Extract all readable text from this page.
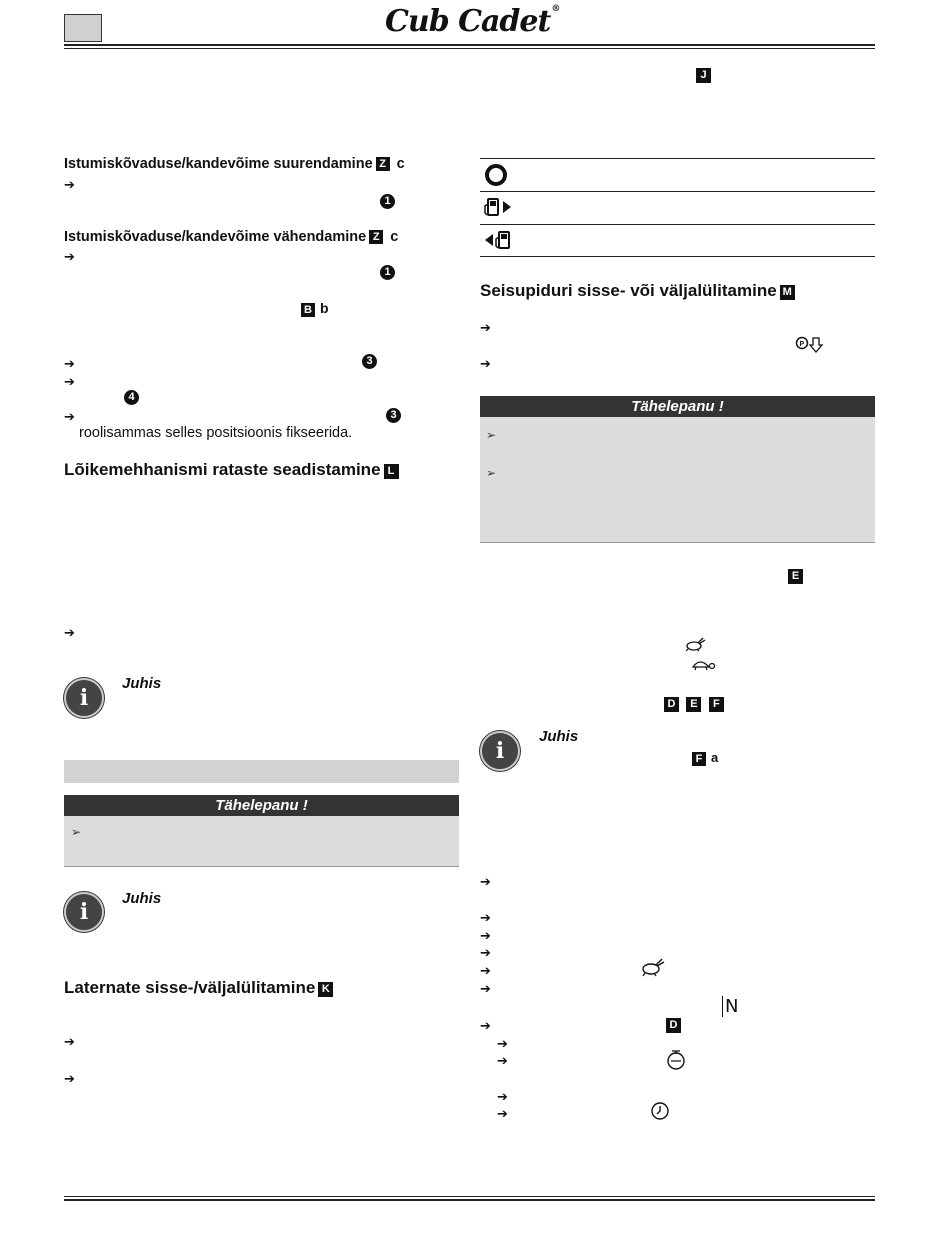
Cub Cadet®
Istumiskõvaduse/kandevõime suurendamine Z c
➔
1
Istumiskõvaduse/kandevõime vähendamine Z c
➔
1
B b
➔	3
➔
4
➔	3
roolisammas selles positsioonis fikseerida.
Lõikemehhanismi rataste seadistamine L
➔
i
Juhis
Tähelepanu !
➢
i
Juhis
Laternate sisse-/väljalülitamine K
➔
➔
J
Seisupiduri sisse- või väljalülitamine M
➔
P
➔
Tähelepanu !
➢
➢
E
D E F
i
Juhis
F a
➔
➔
➔
➔
➔
➔
N
➔	D
➔
➔
➔
➔
